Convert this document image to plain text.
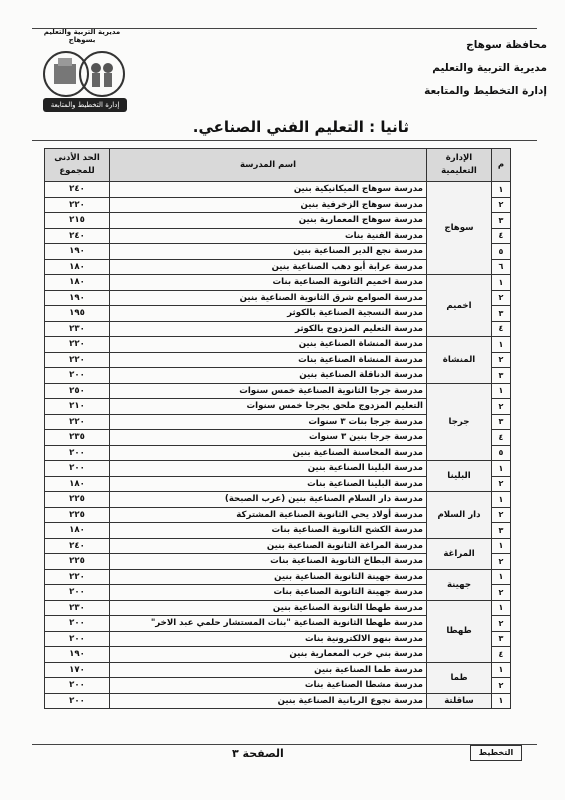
محافظة سوهاج
مديرية التربية والتعليم
إدارة التخطيط والمتابعة
مديرية التربية والتعليم بسوهاج
إدارة التخطيط والمتابعة
ثانيا : التعليم الفني الصناعي.
م	الإدارة التعليمية	اسم المدرسة	الحد الأدنى للمجموع
١	سوهاج	مدرسة سوهاج الميكانيكية بنين	٢٤٠
٢		مدرسة سوهاج الزخرفية بنين	٢٢٠
٣		مدرسة سوهاج المعمارية بنين	٢١٥
٤		مدرسة الفنية بنات	٢٤٠
٥		مدرسة نجع الدير الصناعية بنين	١٩٠
٦		مدرسة عرابة أبو دهب الصناعية بنين	١٨٠
١	اخميم	مدرسة اخميم الثانوية الصناعية بنات	١٨٠
٢		مدرسة الصوامع شرق الثانوية الصناعية بنين	١٩٠
٣		مدرسة النسجية الصناعية بالكوثر	١٩٥
٤		مدرسة التعليم المزدوج بالكوثر	٢٣٠
١	المنشاة	مدرسة المنشاة الصناعية بنين	٢٢٠
٢		مدرسة المنشاة الصناعية بنات	٢٢٠
٣		مدرسة الدناقلة الصناعية بنين	٢٠٠
١	جرجا	مدرسة جرجا الثانوية الصناعية خمس سنوات	٢٥٠
٢		التعليم المزدوج ملحق بجرجا خمس سنوات	٢١٠
٣		مدرسة جرجا بنات ٣ سنوات	٢٢٠
٤		مدرسة جرجا بنين ٣ سنوات	٢٣٥
٥		مدرسة المحاسنة الصناعية بنين	٢٠٠
١	البلينا	مدرسة البلينا الصناعية بنين	٢٠٠
٢		مدرسة البلينا الصناعية بنات	١٨٠
١	دار السلام	مدرسة دار السلام الصناعية بنين (عرب الصبحة)	٢٢٥
٢		مدرسة أولاد يحي الثانوية الصناعية المشتركة	٢٢٥
٣		مدرسة الكشح الثانوية الصناعية بنات	١٨٠
١	المراغة	مدرسة المراغة الثانوية الصناعية بنين	٢٤٠
٢		مدرسة البطاخ الثانوية الصناعية بنات	٢٢٥
١	جهينة	مدرسة جهينة الثانوية الصناعية بنين	٢٢٠
٢		مدرسة جهينة الثانوية الصناعية بنات	٢٠٠
١	طهطا	مدرسة طهطا الثانوية الصناعية بنين	٢٣٠
٢		مدرسة طهطا الثانوية الصناعية "بنات المستشار حلمي عبد الاخر"	٢٠٠
٣		مدرسة بنهو الالكترونية بنات	٢٠٠
٤		مدرسة بني خرب المعمارية بنين	١٩٠
١	طما	مدرسة طما الصناعية بنين	١٧٠
٢		مدرسة مشطا الصناعية بنات	٢٠٠
١	ساقلتة	مدرسة نجوع الريانية الصناعية بنين	٢٠٠
الصفحة ٣	التخطيط
